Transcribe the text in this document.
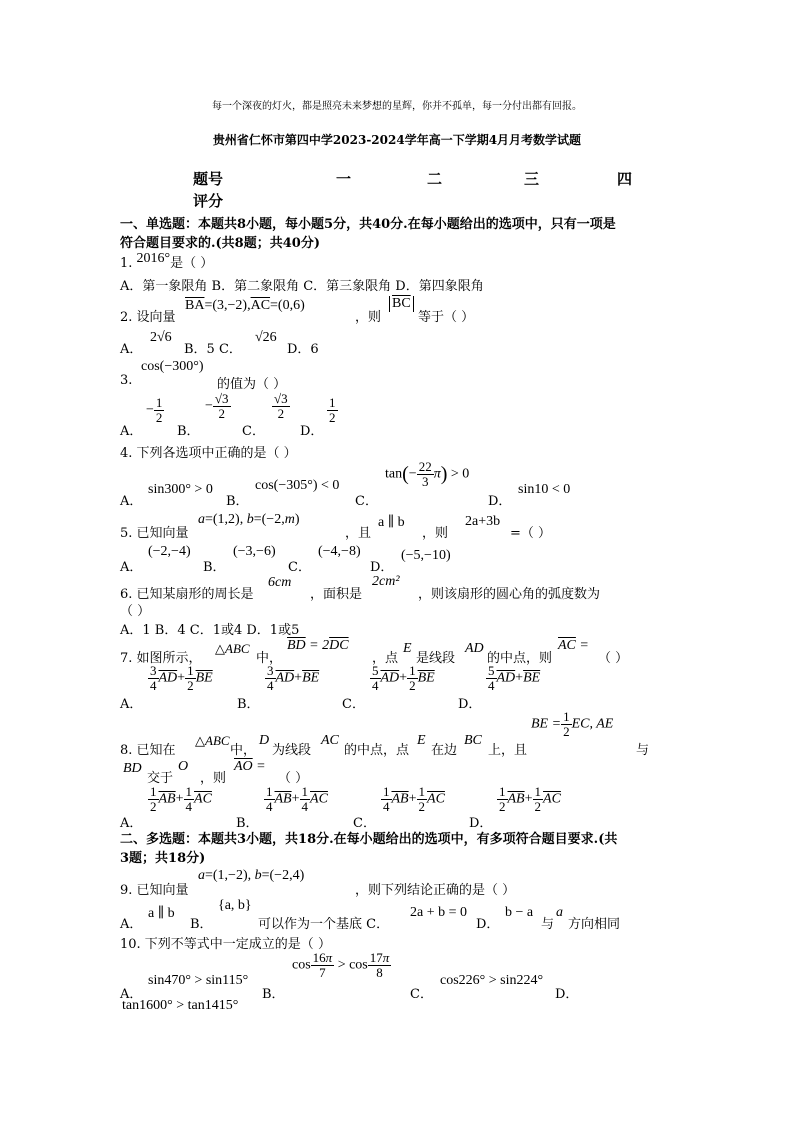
每一个深夜的灯火，都是照亮未来梦想的星辉，你并不孤单，每一分付出都有回报。
贵州省仁怀市第四中学2023-2024学年高一下学期4月月考数学试题
题号	一	二	三	四
评分
一、单选题：本题共8小题，每小题5分，共40分.在每小题给出的选项中，只有一项是
符合题目要求的.(共8题；共40分)
1. 2016°是（ ）
A．第一象限角 B．第二象限角 C．第三象限角 D．第四象限角
2. 设向量
$\overline{BA}=(3,-2),\overline{AC}=(0,6)$
，则
$\overline{BC}$
等于（ ）
A．
2√6
B．5 C．
√26
D．6
3.
cos(−300°)
的值为（ ）
− $\frac{1}{2}$	− $\frac{√3}{2}$	$\frac{√3}{2}$	$\frac{1}{2}$
A．	B．	C．	D．
4. 下列各选项中正确的是（ ）
A．
sin300° > 0
B．
cos(−305°) < 0
C．
$\tan(- \frac{22}{3} \pi) > 0$
D．
sin10 < 0
5. 已知向量
a=(1,2), b=(−2,m)
，且
a ∥ b
，则
2a+3b
=（ ）
A．
(−2,−4)
B．
(−3,−6)
C．
(−4,−8)
D．
(−5,−10)
6. 已知某扇形的周长是
6cm
，面积是
2cm²
，则该扇形的圆心角的弧度数为
（ ）
A．1 B．4 C．1或4 D．1或5
7. 如图所示，
△ABC
中，
$\overline{BD} = 2\overline{DC}$
，点
E
是线段
AD
的中点，则
$\overline{AC}$ =
（ ）
$\frac{3}{4} \overline{AD}+ \frac{1}{2} \overline{BE}$	$\frac{3}{4} \overline{AD}+\overline{BE}$	$\frac{5}{4} \overline{AD}+ \frac{1}{2} \overline{BE}$	$\frac{5}{4} \overline{AD}+\overline{BE}$
A．	B．	C．	D．
8. 已知在
△ABC
中，
D
为线段
AC
的中点，点
E
在边
BC
上，且
BE = $\frac{1}{2}$ EC, AE
与
BD
交于
O
，则
$\overline{AO}$ =
（ ）
$\frac{1}{2} \overline{AB}+ \frac{1}{4} \overline{AC}$	$\frac{1}{4} \overline{AB}+ \frac{1}{4} \overline{AC}$	$\frac{1}{4} \overline{AB}+ \frac{1}{2} \overline{AC}$	$\frac{1}{2} \overline{AB}+ \frac{1}{2} \overline{AC}$
A．	B．	C．	D．
二、多选题：本题共3小题，共18分.在每小题给出的选项中，有多项符合题目要求.(共
3题；共18分)
9. 已知向量
a=(1,−2), b=(−2,4)
，则下列结论正确的是（ ）
A．
a ∥ b
B．
{a, b}
可以作为一个基底 C．
2a + b = 0
D．
b − a
与
a
方向相同
10. 下列不等式中一定成立的是（ ）
A．
sin470° > sin115°
B．
$\cos \frac{16\pi}{7} > \cos \frac{17\pi}{8}$
C．
cos226° > sin224°
D．
tan1600° > tan1415°
